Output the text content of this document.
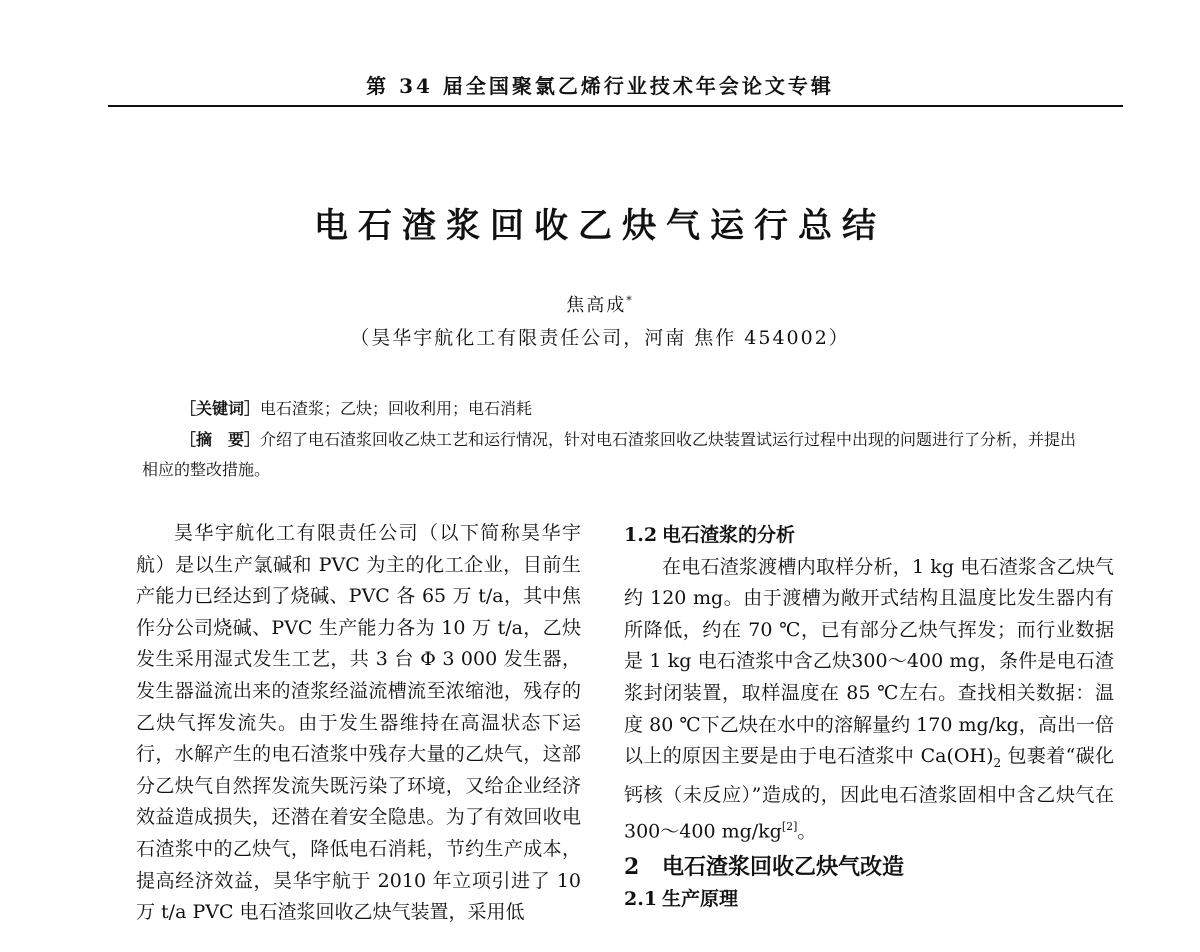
第 34 届全国聚氯乙烯行业技术年会论文专辑
电石渣浆回收乙炔气运行总结
焦高成*
（昊华宇航化工有限责任公司，河南 焦作 454002）
［关键词］电石渣浆；乙炔；回收利用；电石消耗
［摘　要］介绍了电石渣浆回收乙炔工艺和运行情况，针对电石渣浆回收乙炔装置试运行过程中出现的问题进行了分析，并提出相应的整改措施。

昊华宇航化工有限责任公司（以下简称昊华宇航）是以生产氯碱和 PVC 为主的化工企业，目前生产能力已经达到了烧碱、PVC 各 65 万 t/a，其中焦作分公司烧碱、PVC 生产能力各为 10 万 t/a，乙炔发生采用湿式发生工艺，共 3 台 Φ 3 000 发生器，发生器溢流出来的渣浆经溢流槽流至浓缩池，残存的乙炔气挥发流失。由于发生器维持在高温状态下运行，水解产生的电石渣浆中残存大量的乙炔气，这部分乙炔气自然挥发流失既污染了环境，又给企业经济效益造成损失，还潜在着安全隐患。为了有效回收电石渣浆中的乙炔气，降低电石消耗，节约生产成本，提高经济效益，昊华宇航于 2010 年立项引进了 10 万 t/a PVC 电石渣浆回收乙炔气装置，采用低

1.2 电石渣浆的分析

在电石渣浆渡槽内取样分析，1 kg 电石渣浆含乙炔气约 120 mg。由于渡槽为敞开式结构且温度比发生器内有所降低，约在 70 ℃，已有部分乙炔气挥发；而行业数据是 1 kg 电石渣浆中含乙炔300～400 mg，条件是电石渣浆封闭装置，取样温度在 85 ℃左右。查找相关数据：温度 80 ℃下乙炔在水中的溶解量约 170 mg/kg，高出一倍以上的原因主要是由于电石渣浆中 $Ca(OH)_2$ 包裹着“碳化钙核（未反应）”造成的，因此电石渣浆固相中含乙炔气在300～400 mg/kg[2]。

2 电石渣浆回收乙炔气改造

2.1 生产原理
